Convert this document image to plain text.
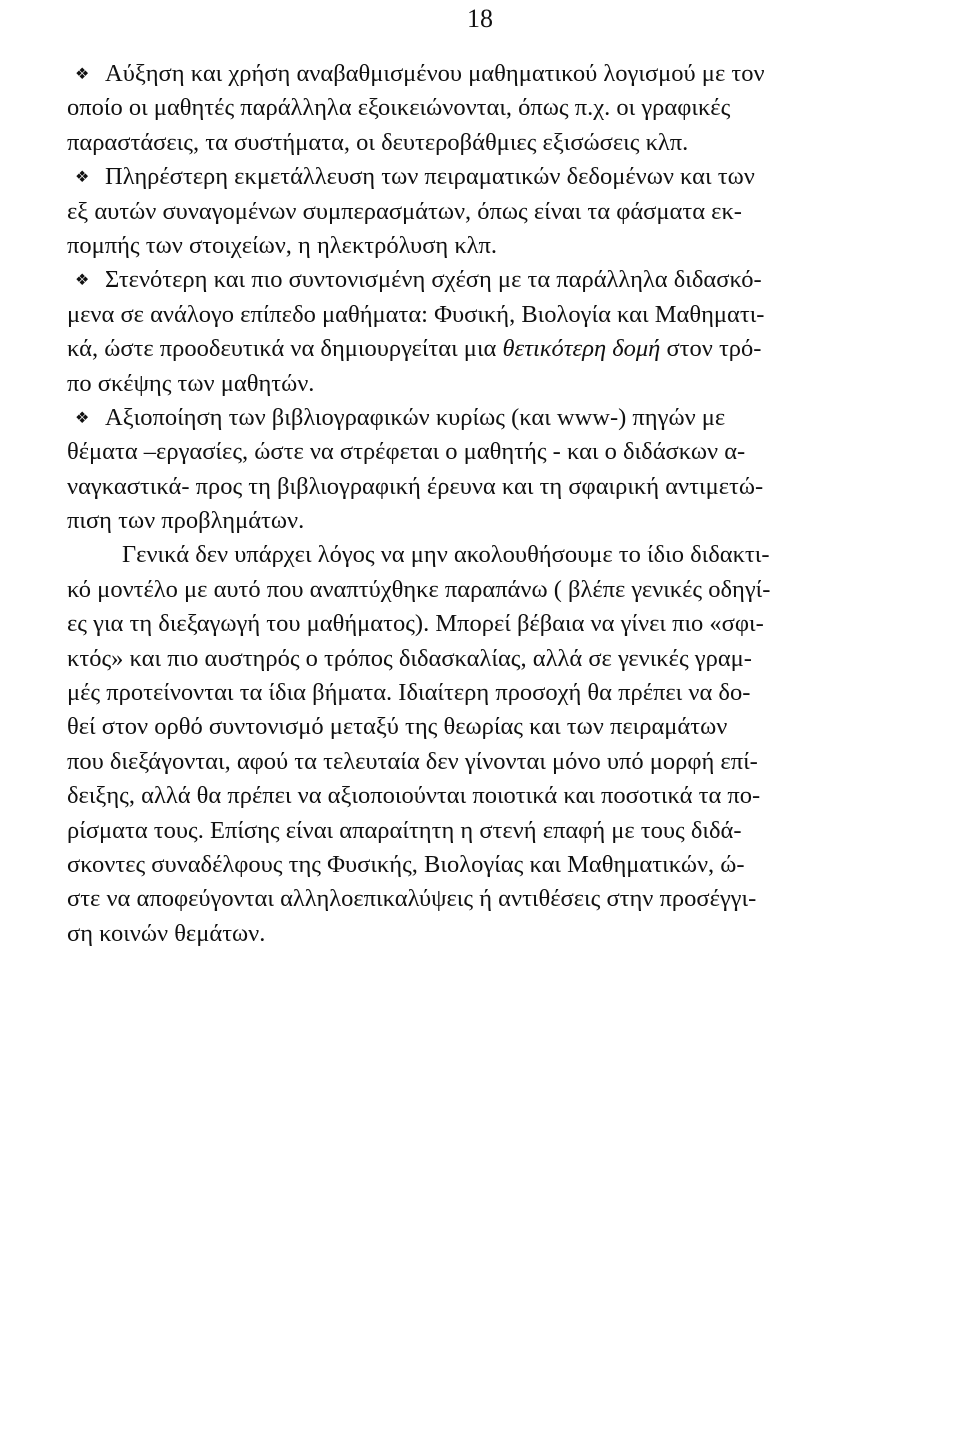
18
❖ Αύξηση και χρήση αναβαθμισμένου μαθηματικού λογισμού με τον
οποίο οι μαθητές παράλληλα εξοικειώνονται, όπως π.χ. οι γραφικές
παραστάσεις, τα συστήματα, οι δευτεροβάθμιες εξισώσεις κλπ.
❖ Πληρέστερη εκμετάλλευση των πειραματικών δεδομένων και των
εξ αυτών συναγομένων συμπερασμάτων, όπως είναι τα φάσματα εκ-
πομπής των στοιχείων, η ηλεκτρόλυση κλπ.
❖ Στενότερη και πιο συντονισμένη σχέση με τα παράλληλα διδασκό-
μενα σε ανάλογο επίπεδο μαθήματα: Φυσική, Βιολογία και Μαθηματι-
κά, ώστε προοδευτικά να δημιουργείται μια θετικότερη δομή στον τρό-
πο σκέψης των μαθητών.
❖ Αξιοποίηση των βιβλιογραφικών κυρίως (και www-) πηγών με
θέματα –εργασίες, ώστε να στρέφεται ο μαθητής - και ο διδάσκων α-
ναγκαστικά- προς τη βιβλιογραφική έρευνα και τη σφαιρική αντιμετώ-
πιση των προβλημάτων.
Γενικά δεν υπάρχει λόγος να μην ακολουθήσουμε το ίδιο διδακτι-
κό μοντέλο με αυτό που αναπτύχθηκε παραπάνω ( βλέπε γενικές οδηγί-
ες για τη διεξαγωγή του μαθήματος). Μπορεί βέβαια να γίνει πιο «σφι-
κτός» και πιο αυστηρός ο τρόπος διδασκαλίας, αλλά σε γενικές γραμ-
μές προτείνονται τα ίδια βήματα. Ιδιαίτερη προσοχή θα πρέπει να δο-
θεί στον ορθό συντονισμό μεταξύ της θεωρίας και των πειραμάτων
που διεξάγονται, αφού τα τελευταία δεν γίνονται μόνο υπό μορφή επί-
δειξης, αλλά θα πρέπει να αξιοποιούνται ποιοτικά και ποσοτικά τα πο-
ρίσματα τους. Επίσης είναι απαραίτητη η στενή επαφή με τους διδά-
σκοντες συναδέλφους της Φυσικής, Βιολογίας και Μαθηματικών, ώ-
στε να αποφεύγονται αλληλοεπικαλύψεις ή αντιθέσεις στην προσέγγι-
ση κοινών θεμάτων.
